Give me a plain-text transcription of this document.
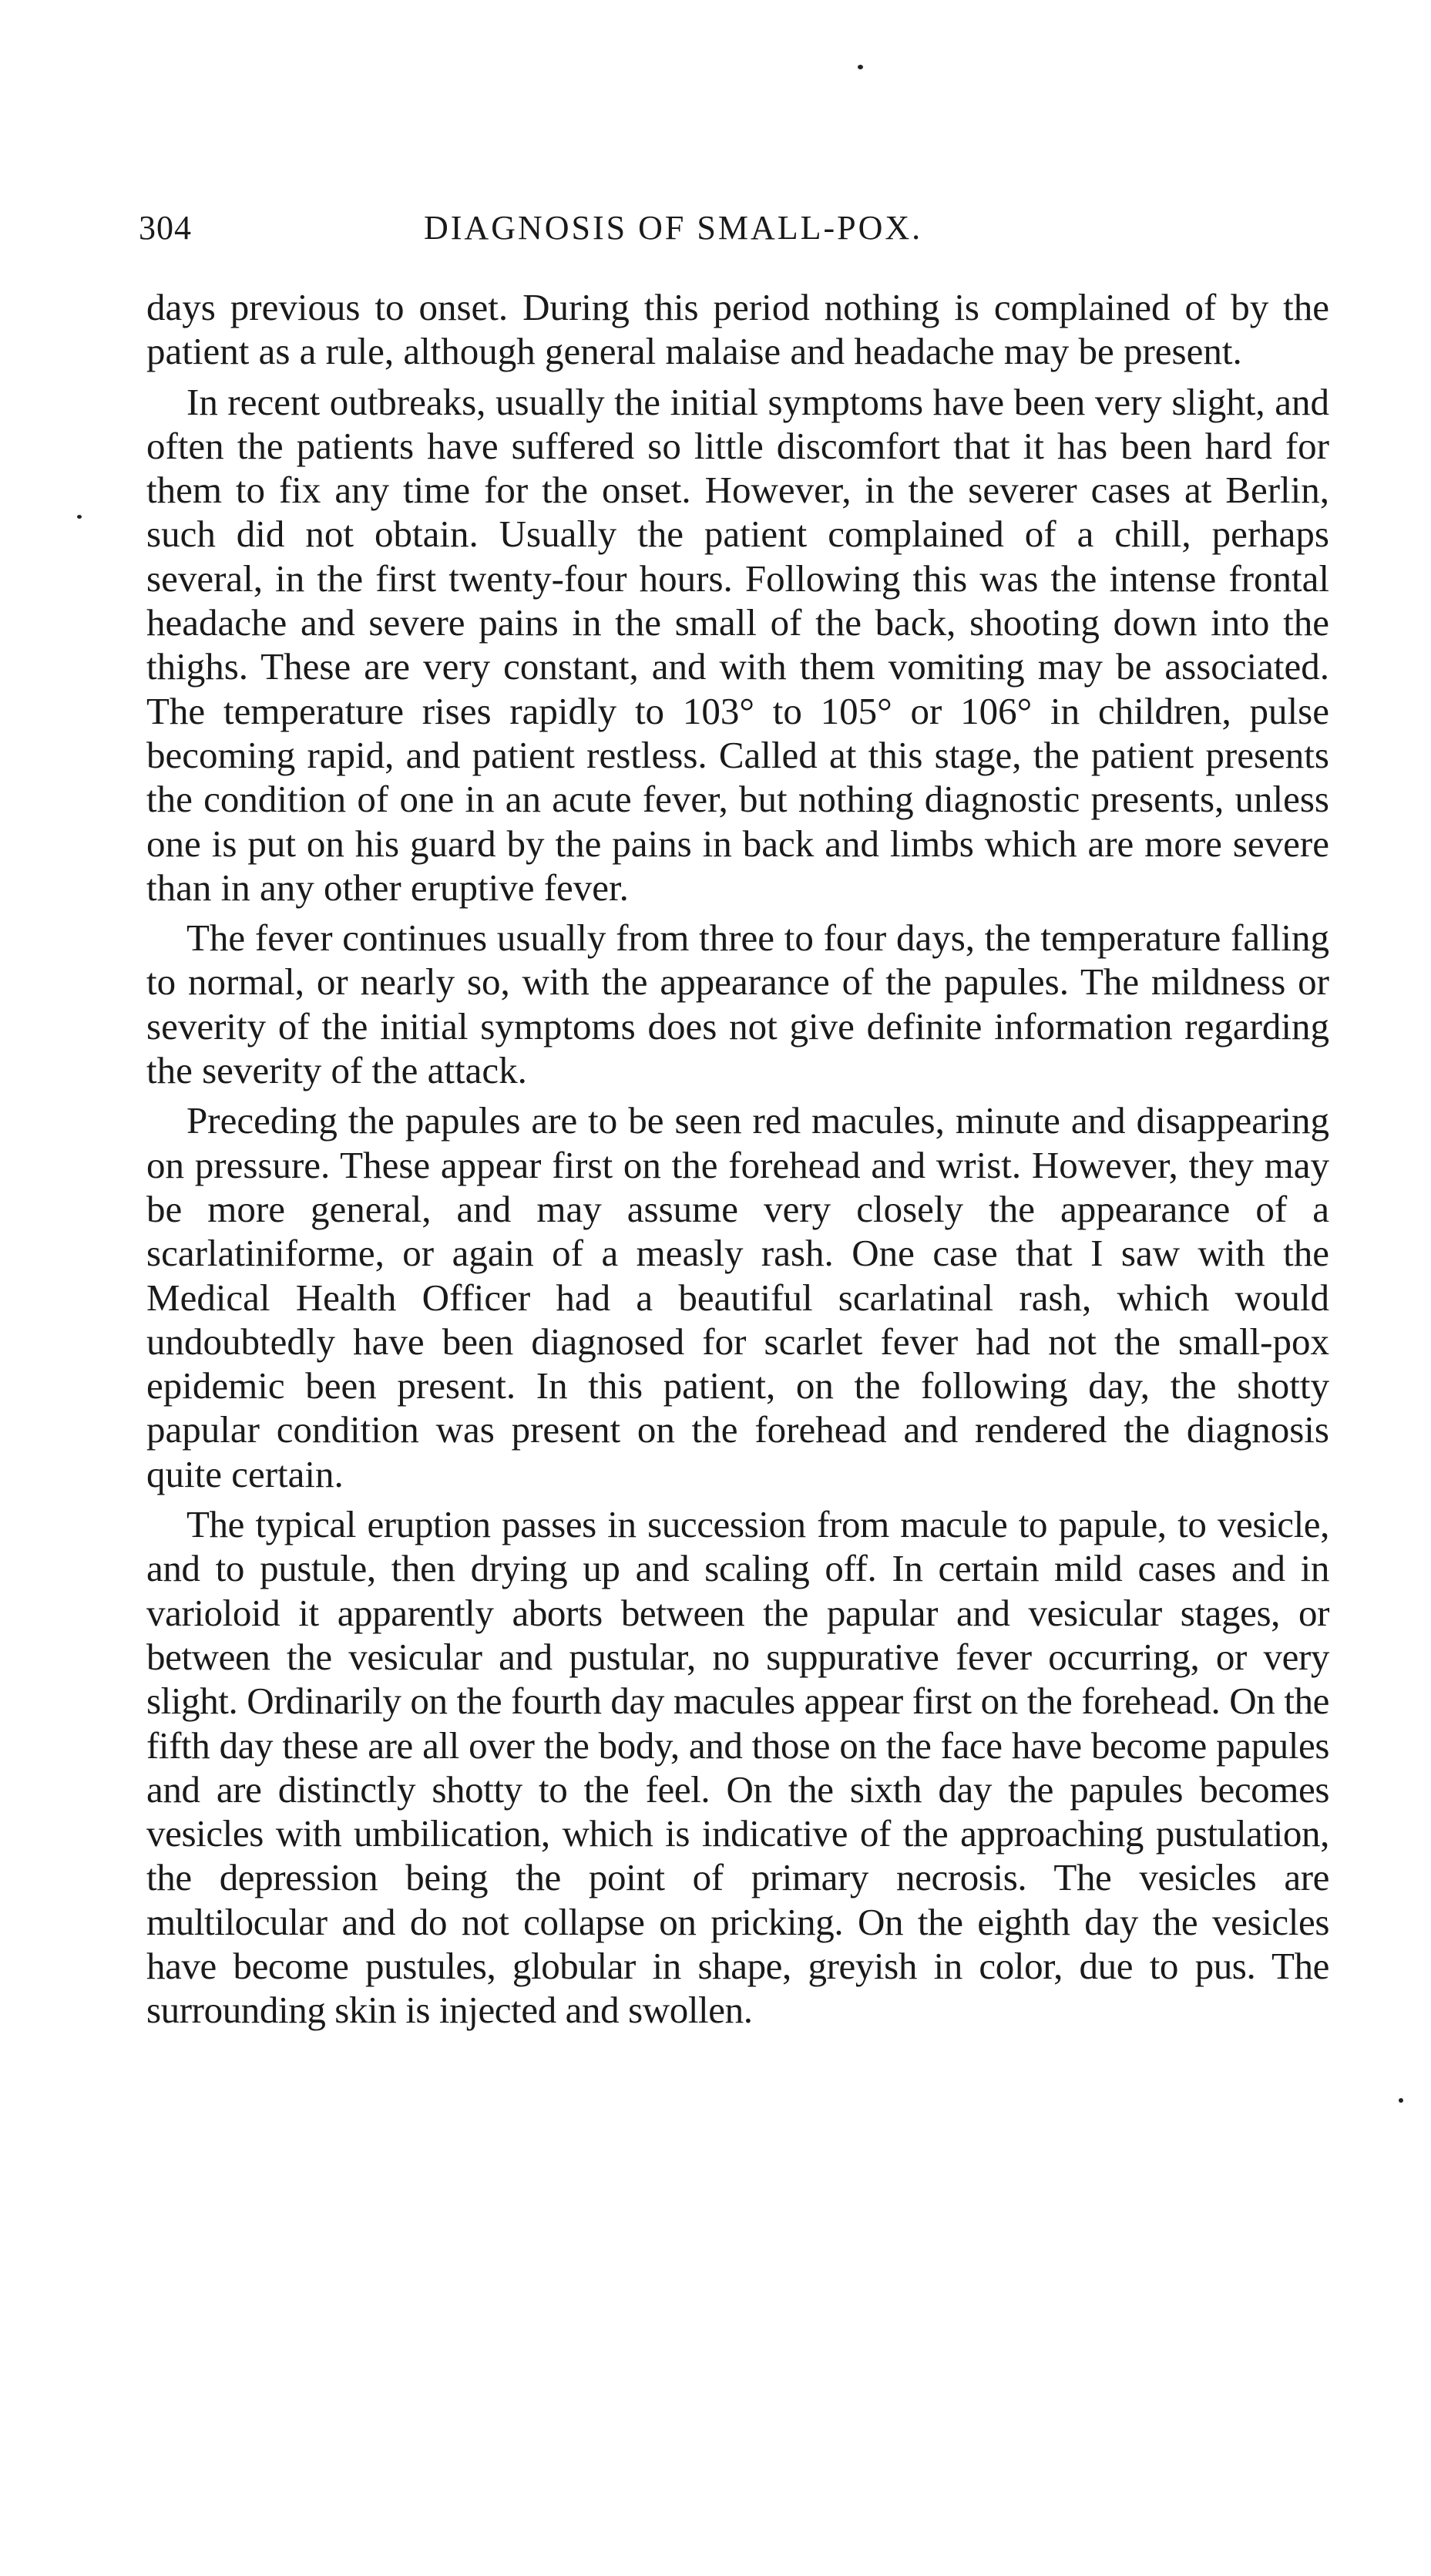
304	DIAGNOSIS OF SMALL-POX.

days previous to onset. During this period nothing is complained of by the patient as a rule, although general malaise and headache may be present.

In recent outbreaks, usually the initial symptoms have been very slight, and often the patients have suffered so little discomfort that it has been hard for them to fix any time for the onset. However, in the severer cases at Berlin, such did not obtain. Usually the patient complained of a chill, perhaps several, in the first twenty-four hours. Following this was the intense frontal headache and severe pains in the small of the back, shooting down into the thighs. These are very constant, and with them vomiting may be associated. The temperature rises rapidly to 103° to 105° or 106° in children, pulse becoming rapid, and patient restless. Called at this stage, the patient presents the condition of one in an acute fever, but nothing diagnostic presents, unless one is put on his guard by the pains in back and limbs which are more severe than in any other eruptive fever.

The fever continues usually from three to four days, the temperature falling to normal, or nearly so, with the appearance of the papules. The mildness or severity of the initial symptoms does not give definite information regarding the severity of the attack.

Preceding the papules are to be seen red macules, minute and disappearing on pressure. These appear first on the forehead and wrist. However, they may be more general, and may assume very closely the appearance of a scarlatiniforme, or again of a measly rash. One case that I saw with the Medical Health Officer had a beautiful scarlatinal rash, which would undoubtedly have been diagnosed for scarlet fever had not the small-pox epidemic been present. In this patient, on the following day, the shotty papular condition was present on the forehead and rendered the diagnosis quite certain.

The typical eruption passes in succession from macule to papule, to vesicle, and to pustule, then drying up and scaling off. In certain mild cases and in varioloid it apparently aborts between the papular and vesicular stages, or between the vesicular and pustular, no suppurative fever occurring, or very slight. Ordinarily on the fourth day macules appear first on the forehead. On the fifth day these are all over the body, and those on the face have become papules and are distinctly shotty to the feel. On the sixth day the papules becomes vesicles with umbilication, which is indicative of the approaching pustulation, the depression being the point of primary necrosis. The vesicles are multilocular and do not collapse on pricking. On the eighth day the vesicles have become pustules, globular in shape, greyish in color, due to pus. The surrounding skin is injected and swollen.
